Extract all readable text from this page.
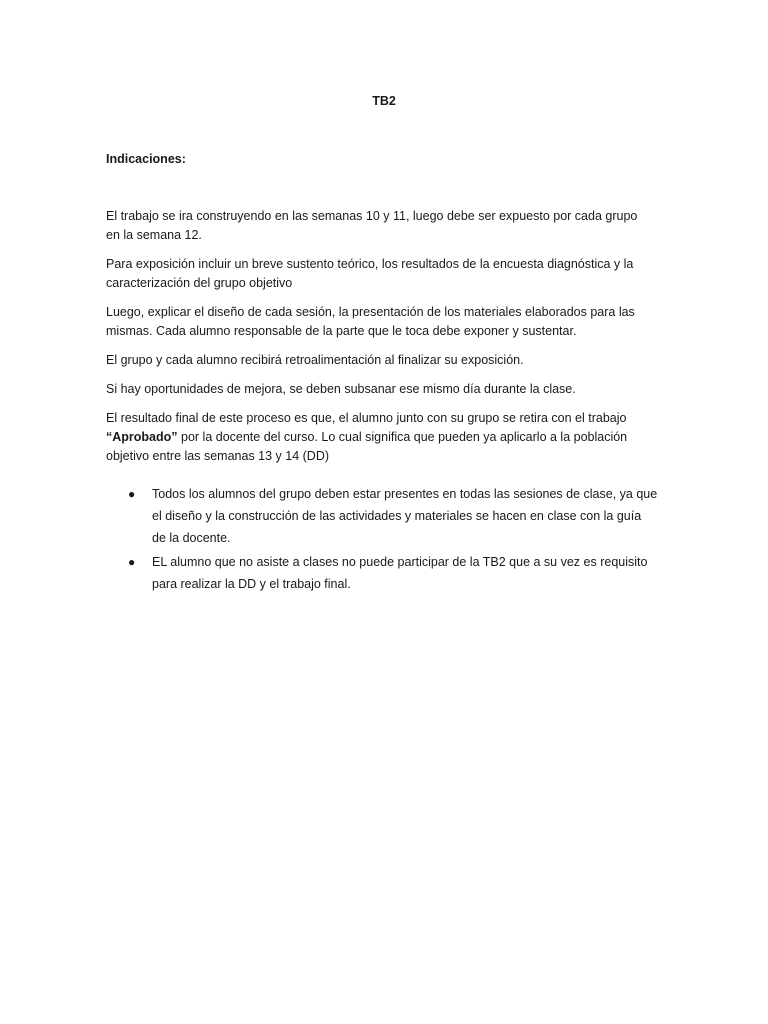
TB2
Indicaciones:

El trabajo se ira construyendo en las semanas 10 y 11, luego debe ser expuesto por cada grupo en la semana 12.

Para exposición incluir un breve sustento teórico, los resultados de la encuesta diagnóstica y la caracterización del grupo objetivo

Luego, explicar el diseño de cada sesión, la presentación de los materiales elaborados para las mismas. Cada alumno responsable de la parte que le toca debe exponer y sustentar.

El grupo y cada alumno recibirá retroalimentación al finalizar su exposición.

Si hay oportunidades de mejora, se deben subsanar ese mismo día durante la clase.

El resultado final de este proceso es que, el alumno junto con su grupo se retira con el trabajo “Aprobado” por la docente del curso. Lo cual significa que pueden ya aplicarlo a la población objetivo entre las semanas 13 y 14 (DD)

● Todos los alumnos del grupo deben estar presentes en todas las sesiones de clase, ya que el diseño y la construcción de las actividades y materiales se hacen en clase con la guía de la docente.
● EL alumno que no asiste a clases no puede participar de la TB2 que a su vez es requisito para realizar la DD y el trabajo final.
